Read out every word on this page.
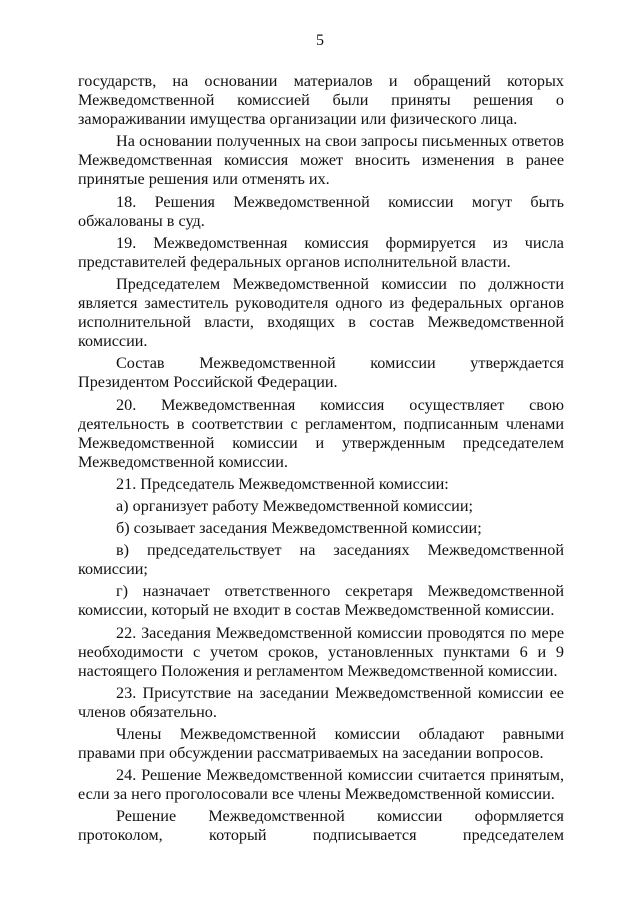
5

государств, на основании материалов и обращений которых Межведомственной комиссией были приняты решения о замораживании имущества организации или физического лица.

На основании полученных на свои запросы письменных ответов Межведомственная комиссия может вносить изменения в ранее принятые решения или отменять их.

18. Решения Межведомственной комиссии могут быть обжалованы в суд.

19. Межведомственная комиссия формируется из числа представителей федеральных органов исполнительной власти.

Председателем Межведомственной комиссии по должности является заместитель руководителя одного из федеральных органов исполнительной власти, входящих в состав Межведомственной комиссии.

Состав Межведомственной комиссии утверждается Президентом Российской Федерации.

20. Межведомственная комиссия осуществляет свою деятельность в соответствии с регламентом, подписанным членами Межведомственной комиссии и утвержденным председателем Межведомственной комиссии.

21. Председатель Межведомственной комиссии:

а) организует работу Межведомственной комиссии;

б) созывает заседания Межведомственной комиссии;

в) председательствует на заседаниях Межведомственной комиссии;

г) назначает ответственного секретаря Межведомственной комиссии, который не входит в состав Межведомственной комиссии.

22. Заседания Межведомственной комиссии проводятся по мере необходимости с учетом сроков, установленных пунктами 6 и 9 настоящего Положения и регламентом Межведомственной комиссии.

23. Присутствие на заседании Межведомственной комиссии ее членов обязательно.

Члены Межведомственной комиссии обладают равными правами при обсуждении рассматриваемых на заседании вопросов.

24. Решение Межведомственной комиссии считается принятым, если за него проголосовали все члены Межведомственной комиссии.

Решение Межведомственной комиссии оформляется протоколом, который подписывается председателем
